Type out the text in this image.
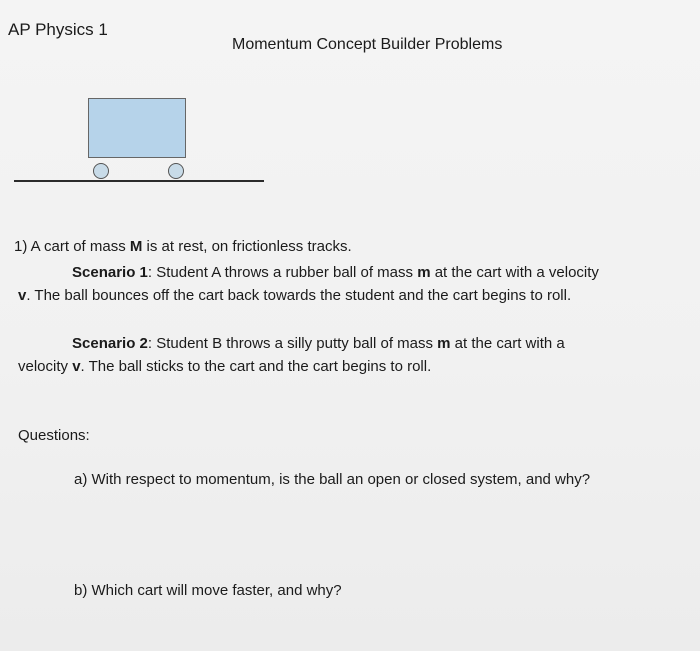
AP Physics 1
Momentum Concept Builder Problems
1) A cart of mass M is at rest, on frictionless tracks.
Scenario 1: Student A throws a rubber ball of mass m at the cart with a velocity
v. The ball bounces off the cart back towards the student and the cart begins to roll.
Scenario 2: Student B throws a silly putty ball of mass m at the cart with a
velocity v. The ball sticks to the cart and the cart begins to roll.
Questions:
a) With respect to momentum, is the ball an open or closed system, and why?
b) Which cart will move faster, and why?
